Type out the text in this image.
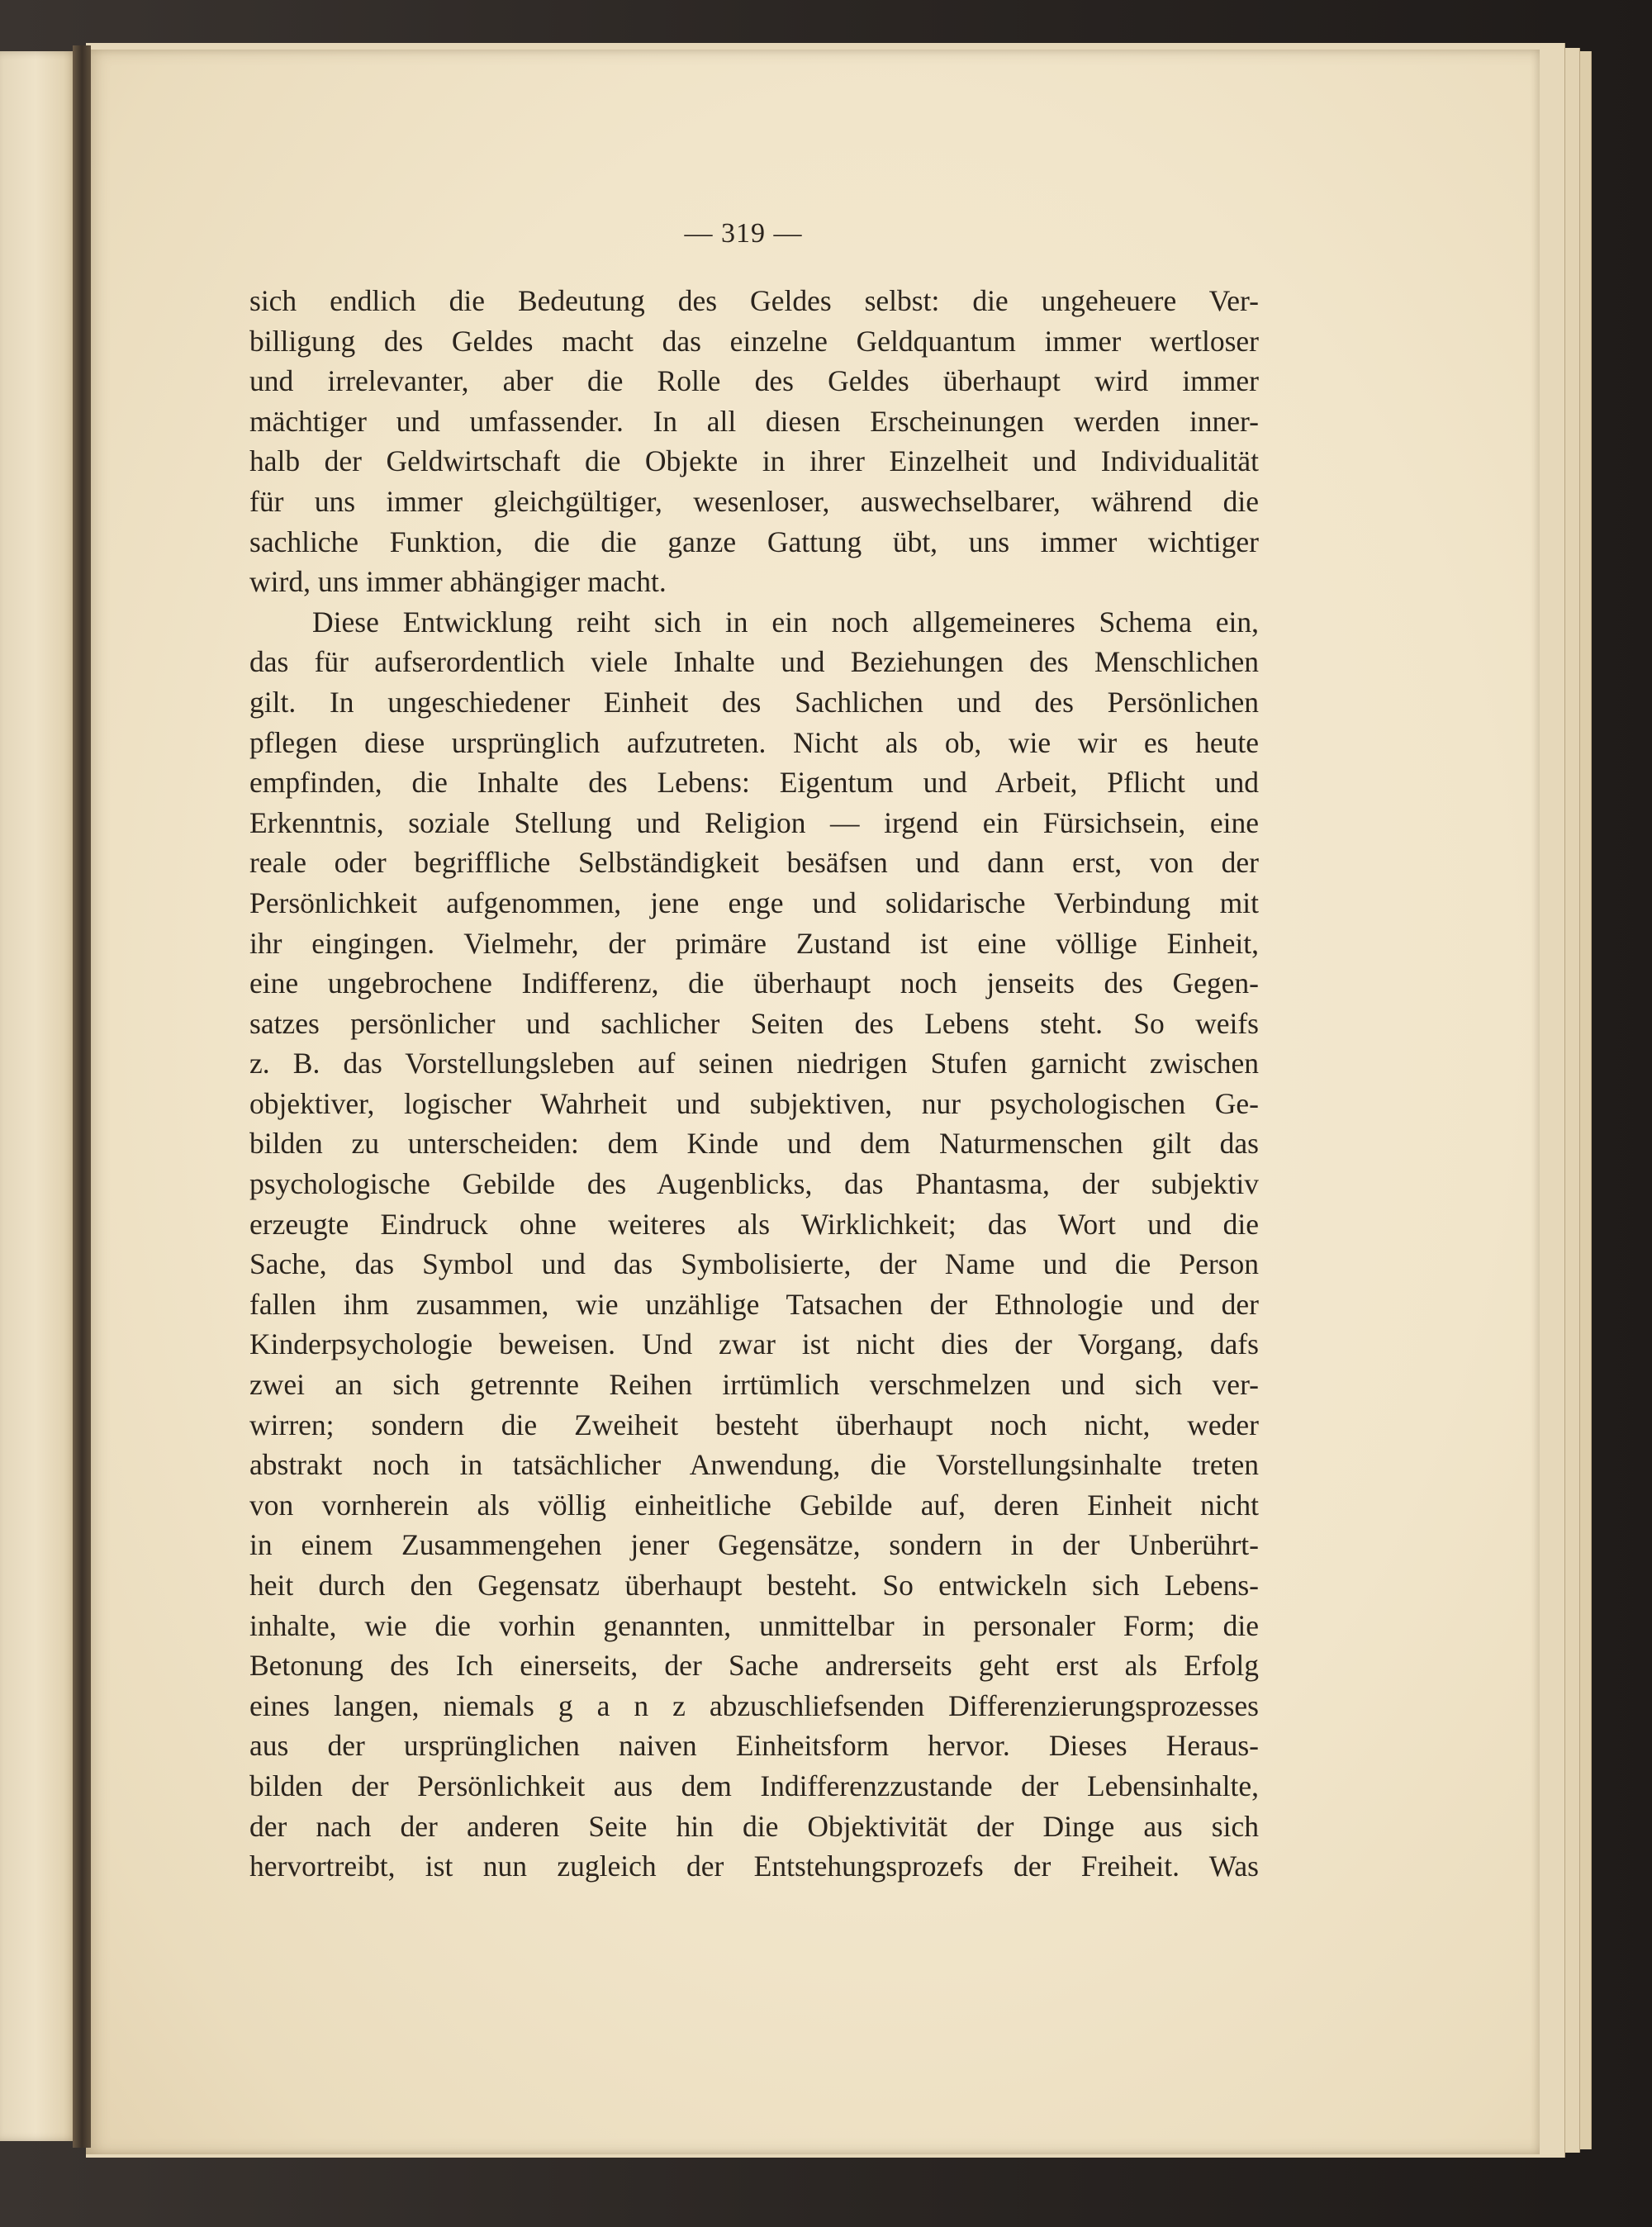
— 319 —
sich endlich die Bedeutung des Geldes selbst: die ungeheuere Ver-
billigung des Geldes macht das einzelne Geldquantum immer wertloser
und irrelevanter, aber die Rolle des Geldes überhaupt wird immer
mächtiger und umfassender. In all diesen Erscheinungen werden inner-
halb der Geldwirtschaft die Objekte in ihrer Einzelheit und Individualität
für uns immer gleichgültiger, wesenloser, auswechselbarer, während die
sachliche Funktion, die die ganze Gattung übt, uns immer wichtiger
wird, uns immer abhängiger macht.
Diese Entwicklung reiht sich in ein noch allgemeineres Schema ein,
das für aufserordentlich viele Inhalte und Beziehungen des Menschlichen
gilt. In ungeschiedener Einheit des Sachlichen und des Persönlichen
pflegen diese ursprünglich aufzutreten. Nicht als ob, wie wir es heute
empfinden, die Inhalte des Lebens: Eigentum und Arbeit, Pflicht und
Erkenntnis, soziale Stellung und Religion — irgend ein Fürsichsein, eine
reale oder begriffliche Selbständigkeit besäfsen und dann erst, von der
Persönlichkeit aufgenommen, jene enge und solidarische Verbindung mit
ihr eingingen. Vielmehr, der primäre Zustand ist eine völlige Einheit,
eine ungebrochene Indifferenz, die überhaupt noch jenseits des Gegen-
satzes persönlicher und sachlicher Seiten des Lebens steht. So weifs
z. B. das Vorstellungsleben auf seinen niedrigen Stufen garnicht zwischen
objektiver, logischer Wahrheit und subjektiven, nur psychologischen Ge-
bilden zu unterscheiden: dem Kinde und dem Naturmenschen gilt das
psychologische Gebilde des Augenblicks, das Phantasma, der subjektiv
erzeugte Eindruck ohne weiteres als Wirklichkeit; das Wort und die
Sache, das Symbol und das Symbolisierte, der Name und die Person
fallen ihm zusammen, wie unzählige Tatsachen der Ethnologie und der
Kinderpsychologie beweisen. Und zwar ist nicht dies der Vorgang, dafs
zwei an sich getrennte Reihen irrtümlich verschmelzen und sich ver-
wirren; sondern die Zweiheit besteht überhaupt noch nicht, weder
abstrakt noch in tatsächlicher Anwendung, die Vorstellungsinhalte treten
von vornherein als völlig einheitliche Gebilde auf, deren Einheit nicht
in einem Zusammengehen jener Gegensätze, sondern in der Unberührt-
heit durch den Gegensatz überhaupt besteht. So entwickeln sich Lebens-
inhalte, wie die vorhin genannten, unmittelbar in personaler Form; die
Betonung des Ich einerseits, der Sache andrerseits geht erst als Erfolg
eines langen, niemals g a n z abzuschliefsenden Differenzierungsprozesses
aus der ursprünglichen naiven Einheitsform hervor. Dieses Heraus-
bilden der Persönlichkeit aus dem Indifferenzzustande der Lebensinhalte,
der nach der anderen Seite hin die Objektivität der Dinge aus sich
hervortreibt, ist nun zugleich der Entstehungsprozefs der Freiheit. Was
